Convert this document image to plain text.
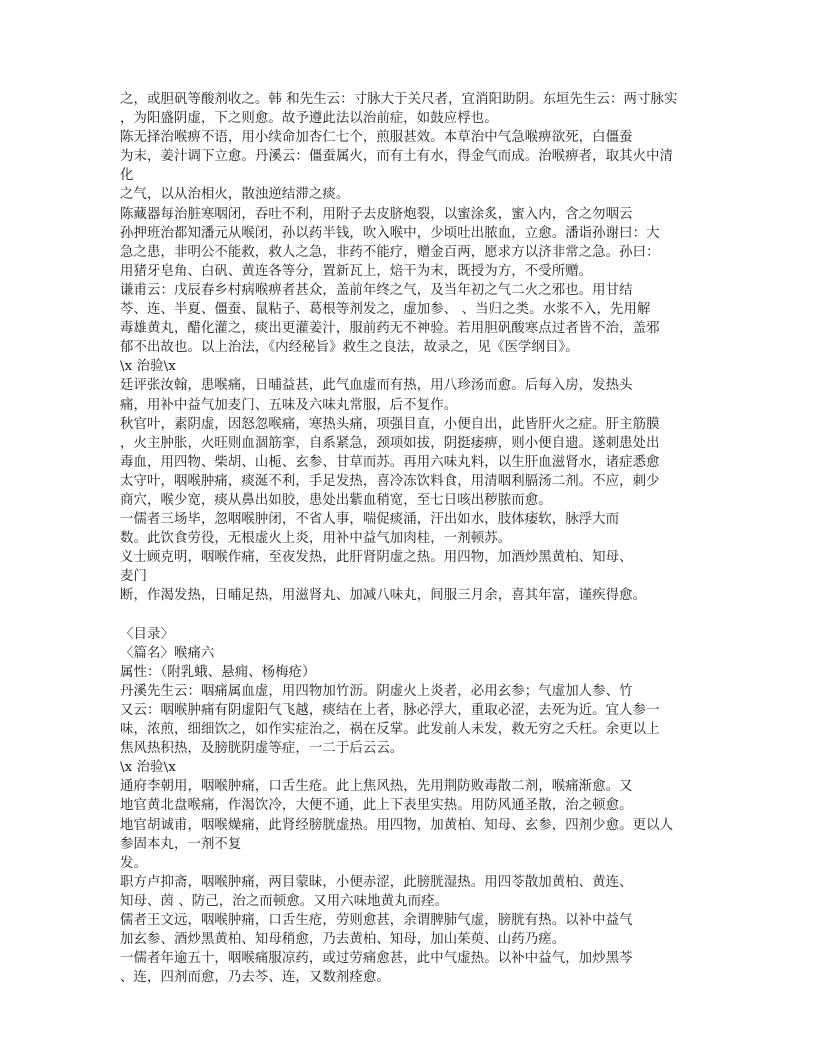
之，或胆矾等酸剂收之。韩 和先生云：寸脉大于关尺者，宜消阳助阴。东垣先生云：两寸脉实
，为阳盛阴虚，下之则愈。故予遵此法以治前症，如鼓应桴也。
陈无择治喉痹不语，用小续命加杏仁七个，煎服甚效。本草治中气急喉痹欲死，白僵蚕
为末，姜汁调下立愈。丹溪云：僵蚕属火，而有土有水，得金气而成。治喉痹者，取其火中清
化
之气，以从治相火，散浊逆结滞之痰。
陈藏器每治脏寒咽闭，吞吐不利，用附子去皮脐炮裂，以蜜涂炙，蜜入内，含之勿咽云
孙押班治都知潘元从喉闭，孙以药半钱，吹入喉中，少顷吐出脓血，立愈。潘诣孙谢曰：大
急之患，非明公不能救，救人之急，非药不能疗，赠金百两，愿求方以济非常之急。孙曰：
用猪牙皂角、白矾、黄连各等分，置新瓦上，焙干为末，既授为方，不受所赠。
谦甫云：戊辰春乡村病喉痹者甚众，盖前年终之气，及当年初之气二火之邪也。用甘结
芩、连、半夏、僵蚕、鼠粘子、葛根等剂发之，虚加参、 、当归之类。水浆不入，先用解
毒雄黄丸，醋化灌之，痰出更灌姜汁，服前药无不神验。若用胆矾酸寒点过者皆不治，盖邪
郁不出故也。以上治法，《内经秘旨》救生之良法，故录之，见《医学纲目》。
\x 治验\x
廷评张汝翰，患喉痛，日晡益甚，此气血虚而有热，用八珍汤而愈。后每入房，发热头
痛，用补中益气加麦门、五味及六味丸常服，后不复作。
秋官叶，素阴虚，因怒忽喉痛，寒热头痛，项强目直，小便自出，此皆肝火之症。肝主筋膜
，火主肿胀，火旺则血涸筋挛，自系紧急，颈项如拔，阴挺痿痹，则小便自遗。遂刺患处出
毒血，用四物、柴胡、山栀、玄参、甘草而苏。再用六味丸料，以生肝血滋肾水，诸症悉愈
太守叶，咽喉肿痛，痰涎不利，手足发热，喜冷冻饮料食，用清咽利膈汤二剂。不应，刺少
商穴，喉少宽，痰从鼻出如胶，患处出紫血稍宽，至七日咳出秽脓而愈。
一儒者三场毕，忽咽喉肿闭，不省人事，喘促痰涌，汗出如水，肢体痿软，脉浮大而
数。此饮食劳役，无根虚火上炎，用补中益气加肉桂，一剂顿苏。
义士顾克明，咽喉作痛，至夜发热，此肝肾阴虚之热。用四物，加酒炒黑黄柏、知母、
麦门
断，作渴发热，日晡足热，用滋肾丸、加减八味丸，间服三月余，喜其年富，谨疾得愈。
〈目录〉
〈篇名〉喉痛六
属性：（附乳蛾、悬痈、杨梅疮）
丹溪先生云：咽痛属血虚，用四物加竹沥。阴虚火上炎者，必用玄参；气虚加人参、竹
又云：咽喉肿痛有阴虚阳气飞越，痰结在上者，脉必浮大，重取必涩，去死为近。宜人参一
味，浓煎，细细饮之，如作实症治之，祸在反掌。此发前人未发，救无穷之夭枉。余更以上
焦风热积热，及膀胱阴虚等症，一二于后云云。
\x 治验\x
通府李朝用，咽喉肿痛，口舌生疮。此上焦风热，先用荆防败毒散二剂，喉痛渐愈。又
地官黄北盘喉痛，作渴饮冷，大便不通，此上下表里实热。用防风通圣散，治之顿愈。
地官胡诚甫，咽喉燥痛，此肾经膀胱虚热。用四物，加黄柏、知母、玄参，四剂少愈。更以人
参固本丸，一剂不复
发。
职方卢抑斋，咽喉肿痛，两目蒙昧，小便赤涩，此膀胱湿热。用四苓散加黄柏、黄连、
知母、茵 、防己，治之而顿愈。又用六味地黄丸而痊。
儒者王文远，咽喉肿痛，口舌生疮，劳则愈甚，余谓脾肺气虚，膀胱有热。以补中益气
加玄参、酒炒黑黄柏、知母稍愈，乃去黄柏、知母，加山茱萸、山药乃瘥。
一儒者年逾五十，咽喉痛服凉药，或过劳痛愈甚，此中气虚热。以补中益气，加炒黑芩
、连，四剂而愈，乃去芩、连，又数剂痊愈。
